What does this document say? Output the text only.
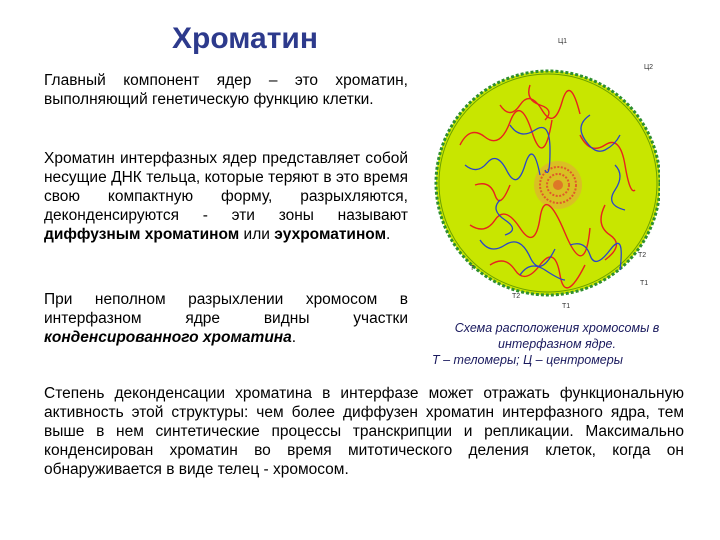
Хроматин
Главный компонент ядер – это хроматин, выполняющий генетическую функцию клетки.
Хроматин интерфазных ядер представляет собой несущие ДНК тельца, которые теряют в это время свою компактную форму, разрыхляются, деконденсируются - эти зоны называют диффузным хроматином или эухроматином.
При неполном разрыхлении хромосом в интерфазном ядре видны участки конденсированного хроматина.
Степень деконденсации хроматина в интерфазе может отражать функциональную активность этой структуры: чем более диффузен хроматин интерфазного ядра, тем выше в нем синтетические процессы транскрипции и репликации. Максимально конденсирован хроматин во время митотического деления клеток, когда он обнаруживается в виде телец - хромосом.
Ц1
Ц2
Т1
Т2
Т1
Т2
Т
Схема расположения хромосомы в
интерфазном ядре.
Т – теломеры; Ц – центромеры
